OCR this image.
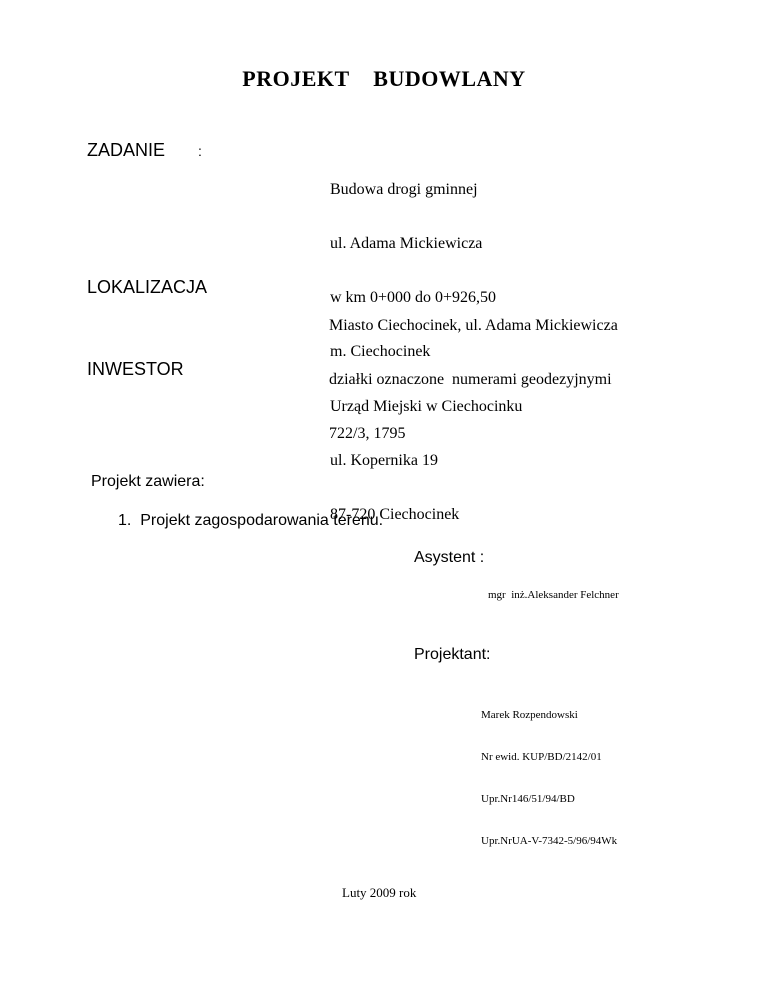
PROJEKT    BUDOWLANY
ZADANIE :

Budowa drogi gminnej

ul. Adama Mickiewicza

w km 0+000 do 0+926,50

m. Ciechocinek

LOKALIZACJA

Miasto Ciechocinek, ul. Adama Mickiewicza

działki oznaczone  numerami geodezyjnymi

722/3, 1795

INWESTOR

Urząd Miejski w Ciechocinku

ul. Kopernika 19

87-720 Ciechocinek

Projekt zawiera:
1.  Projekt zagospodarowania terenu.
Asystent :
mgr  inż.Aleksander Felchner
Projektant:

Marek Rozpendowski

Nr ewid. KUP/BD/2142/01

Upr.Nr146/51/94/BD

Upr.NrUA-V-7342-5/96/94Wk

Luty 2009 rok
